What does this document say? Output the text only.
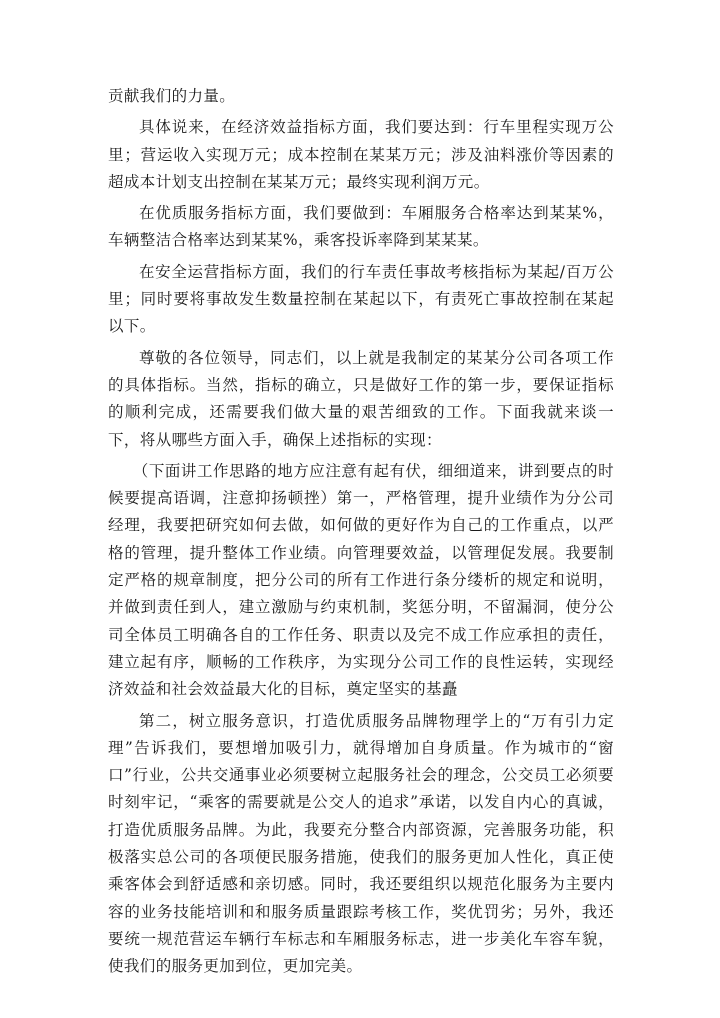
贡献我们的力量。

具体说来，在经济效益指标方面，我们要达到：行车里程实现万公里；营运收入实现万元；成本控制在某某万元；涉及油料涨价等因素的超成本计划支出控制在某某万元；最终实现利润万元。

在优质服务指标方面，我们要做到：车厢服务合格率达到某某%，车辆整洁合格率达到某某%，乘客投诉率降到某某某。

在安全运营指标方面，我们的行车责任事故考核指标为某起/百万公里；同时要将事故发生数量控制在某起以下，有责死亡事故控制在某起以下。

尊敬的各位领导，同志们，以上就是我制定的某某分公司各项工作的具体指标。当然，指标的确立，只是做好工作的第一步，要保证指标的顺利完成，还需要我们做大量的艰苦细致的工作。下面我就来谈一下，将从哪些方面入手，确保上述指标的实现：

（下面讲工作思路的地方应注意有起有伏，细细道来，讲到要点的时候要提高语调，注意抑扬顿挫）第一，严格管理，提升业绩作为分公司经理，我要把研究如何去做，如何做的更好作为自己的工作重点，以严格的管理，提升整体工作业绩。向管理要效益，以管理促发展。我要制定严格的规章制度，把分公司的所有工作进行条分缕析的规定和说明，并做到责任到人，建立激励与约束机制，奖惩分明，不留漏洞，使分公司全体员工明确各自的工作任务、职责以及完不成工作应承担的责任，建立起有序，顺畅的工作秩序，为实现分公司工作的良性运转，实现经济效益和社会效益最大化的目标，奠定坚实的基矗

第二，树立服务意识，打造优质服务品牌物理学上的“万有引力定理”告诉我们，要想增加吸引力，就得增加自身质量。作为城市的“窗口”行业，公共交通事业必须要树立起服务社会的理念，公交员工必须要时刻牢记，“乘客的需要就是公交人的追求”承诺，以发自内心的真诚，打造优质服务品牌。为此，我要充分整合内部资源，完善服务功能，积极落实总公司的各项便民服务措施，使我们的服务更加人性化，真正使乘客体会到舒适感和亲切感。同时，我还要组织以规范化服务为主要内容的业务技能培训和和服务质量跟踪考核工作，奖优罚劣；另外，我还要统一规范营运车辆行车标志和车厢服务标志，进一步美化车容车貌，使我们的服务更加到位，更加完美。
